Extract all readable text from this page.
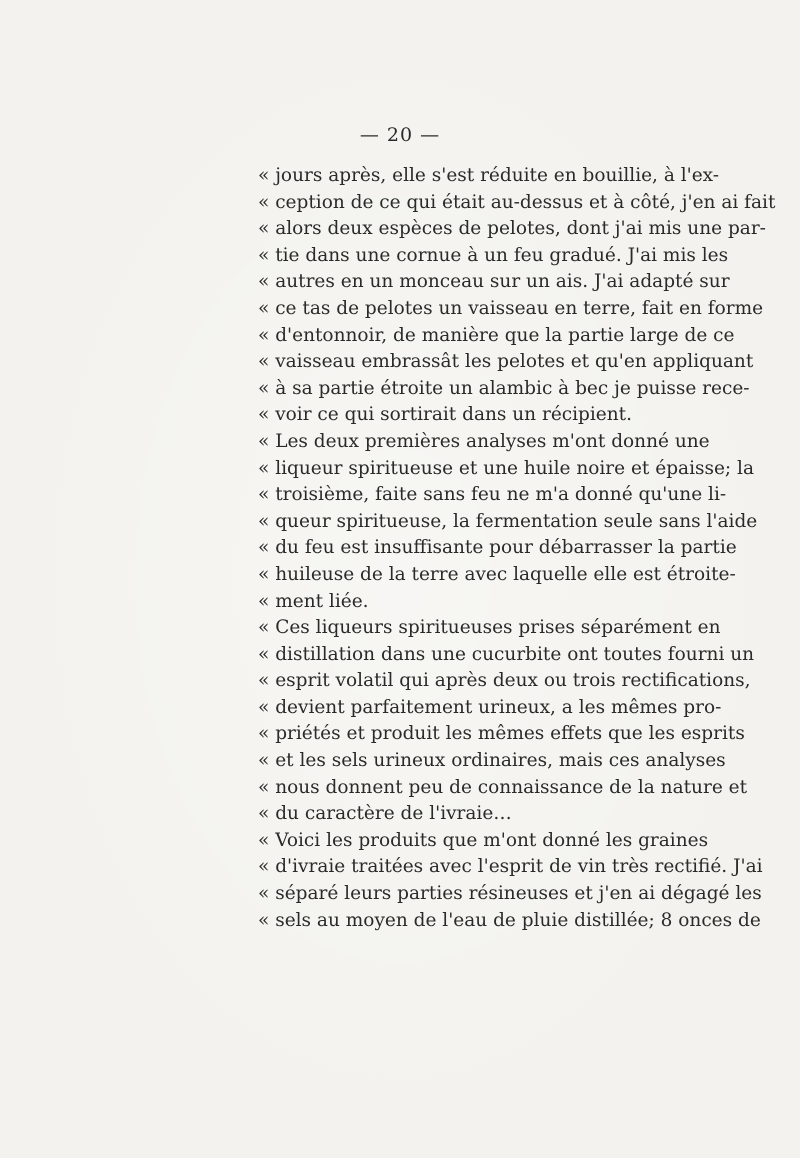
— 20 —
« jours après, elle s'est réduite en bouillie, à l'ex-
« ception de ce qui était au-dessus et à côté, j'en ai fait
« alors deux espèces de pelotes, dont j'ai mis une par-
« tie dans une cornue à un feu gradué. J'ai mis les
« autres en un monceau sur un ais. J'ai adapté sur
« ce tas de pelotes un vaisseau en terre, fait en forme
« d'entonnoir, de manière que la partie large de ce
« vaisseau embrassât les pelotes et qu'en appliquant
« à sa partie étroite un alambic à bec je puisse rece-
« voir ce qui sortirait dans un récipient.
« Les deux premières analyses m'ont donné une
« liqueur spiritueuse et une huile noire et épaisse; la
« troisième, faite sans feu ne m'a donné qu'une li-
« queur spiritueuse, la fermentation seule sans l'aide
« du feu est insuffisante pour débarrasser la partie
« huileuse de la terre avec laquelle elle est étroite-
« ment liée.
« Ces liqueurs spiritueuses prises séparément en
« distillation dans une cucurbite ont toutes fourni un
« esprit volatil qui après deux ou trois rectifications,
« devient parfaitement urineux, a les mêmes pro-
« priétés et produit les mêmes effets que les esprits
« et les sels urineux ordinaires, mais ces analyses
« nous donnent peu de connaissance de la nature et
« du caractère de l'ivraie…
« Voici les produits que m'ont donné les graines
« d'ivraie traitées avec l'esprit de vin très rectifié. J'ai
« séparé leurs parties résineuses et j'en ai dégagé les
« sels au moyen de l'eau de pluie distillée; 8 onces de
